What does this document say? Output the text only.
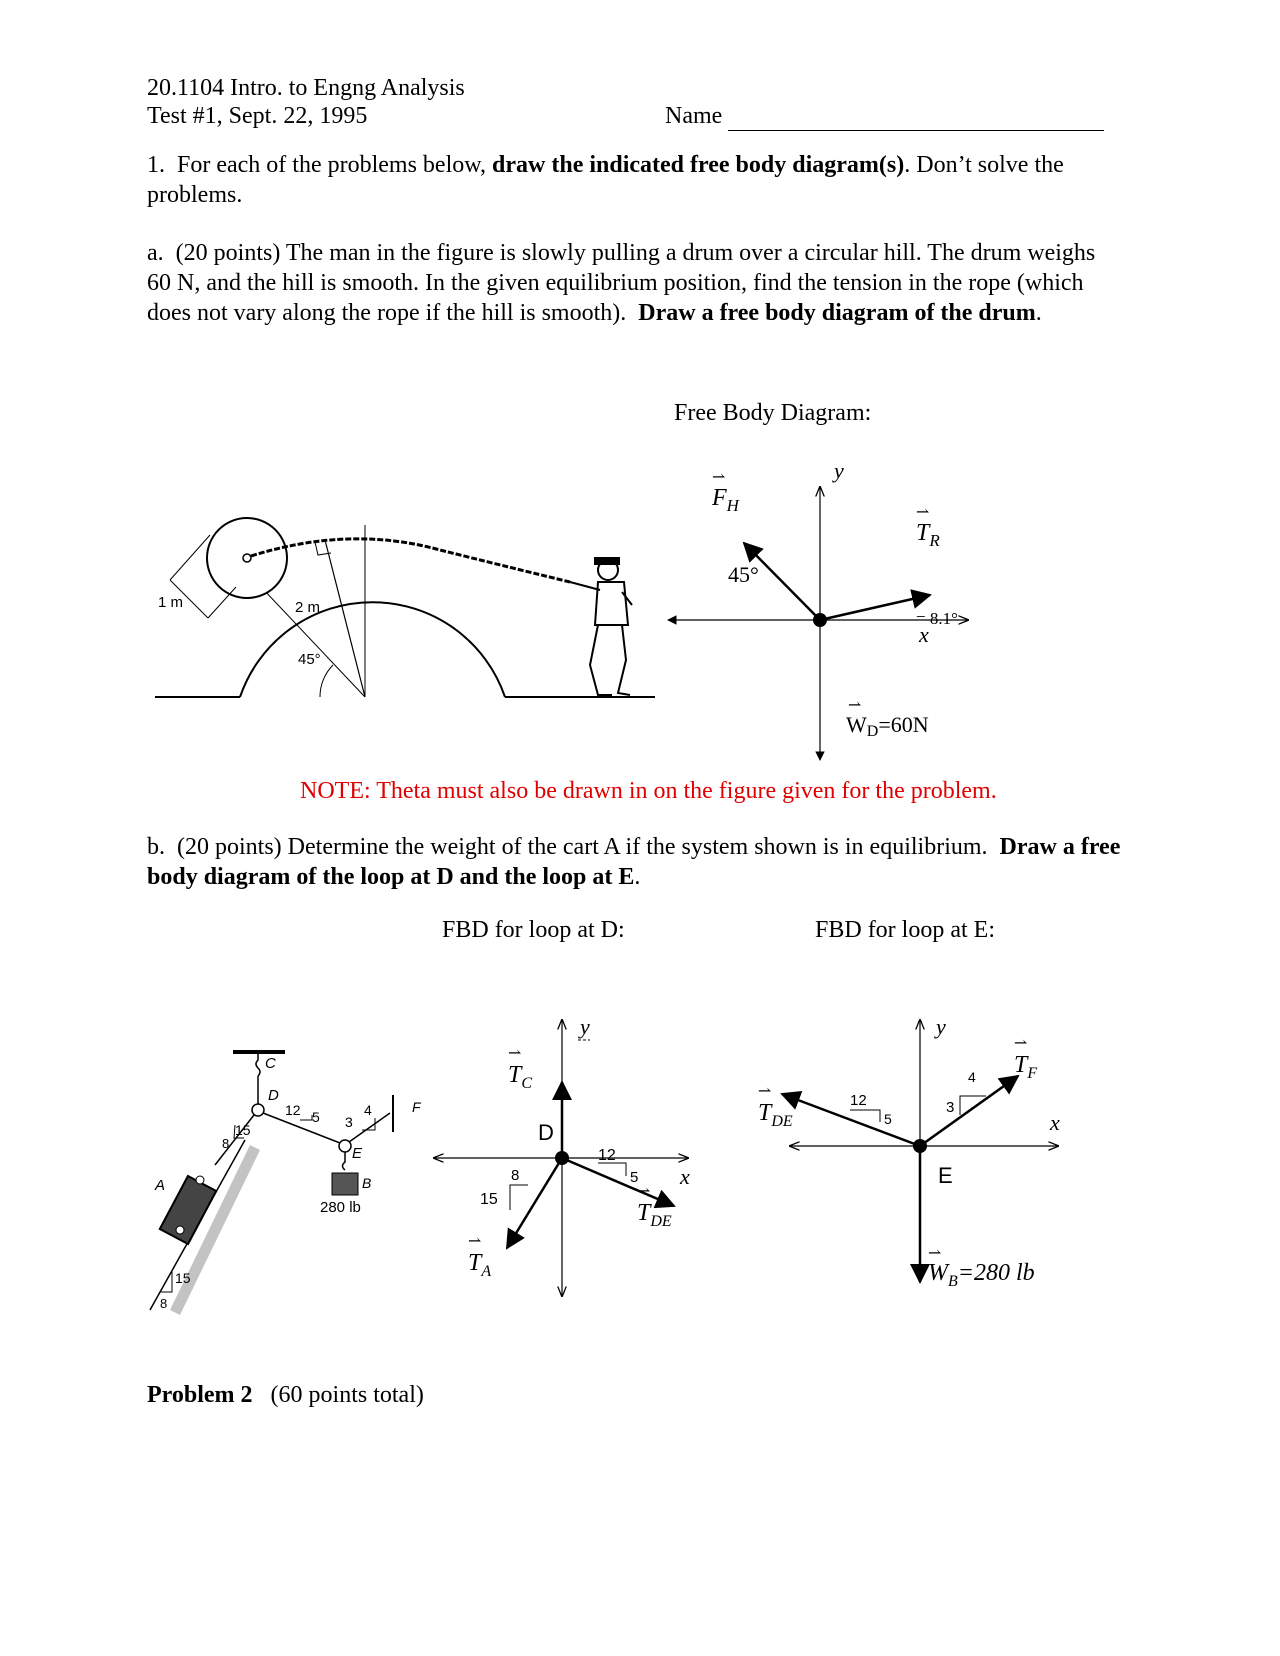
20.1104 Intro. to Engng Analysis
Test #1, Sept. 22, 1995	Name

1. For each of the problems below, draw the indicated free body diagram(s). Don’t solve the problems.

a. (20 points) The man in the figure is slowly pulling a drum over a circular hill. The drum weighs 60 N, and the hill is smooth. In the given equilibrium position, find the tension in the rope (which does not vary along the rope if the hill is smooth). Draw a free body diagram of the drum.

45°
2 m
1 m
Free Body Diagram:
y
x
$F_H$
⇀
45°
$T_R$
⇀
= 8.1°
WD=60N
⇀
NOTE: Theta must also be drawn in on the figure given for the problem.

b. (20 points) Determine the weight of the cart A if the system shown is in equilibrium. Draw a free body diagram of the loop at D and the loop at E.

C
D
12 5
E
3
4	F
B
280 lb
15
8
A
15
8
FBD for loop at D:
y
x
D
$T_C$
⇀
$T_A$
⇀
$T_{DE}$
⇀
12
5
8
15
FBD for loop at E:
y
x
E
$T_F$
⇀
$T_{DE}$
⇀
$W_B=280$ lb
⇀
12
5
3
4
Problem 2 (60 points total)
